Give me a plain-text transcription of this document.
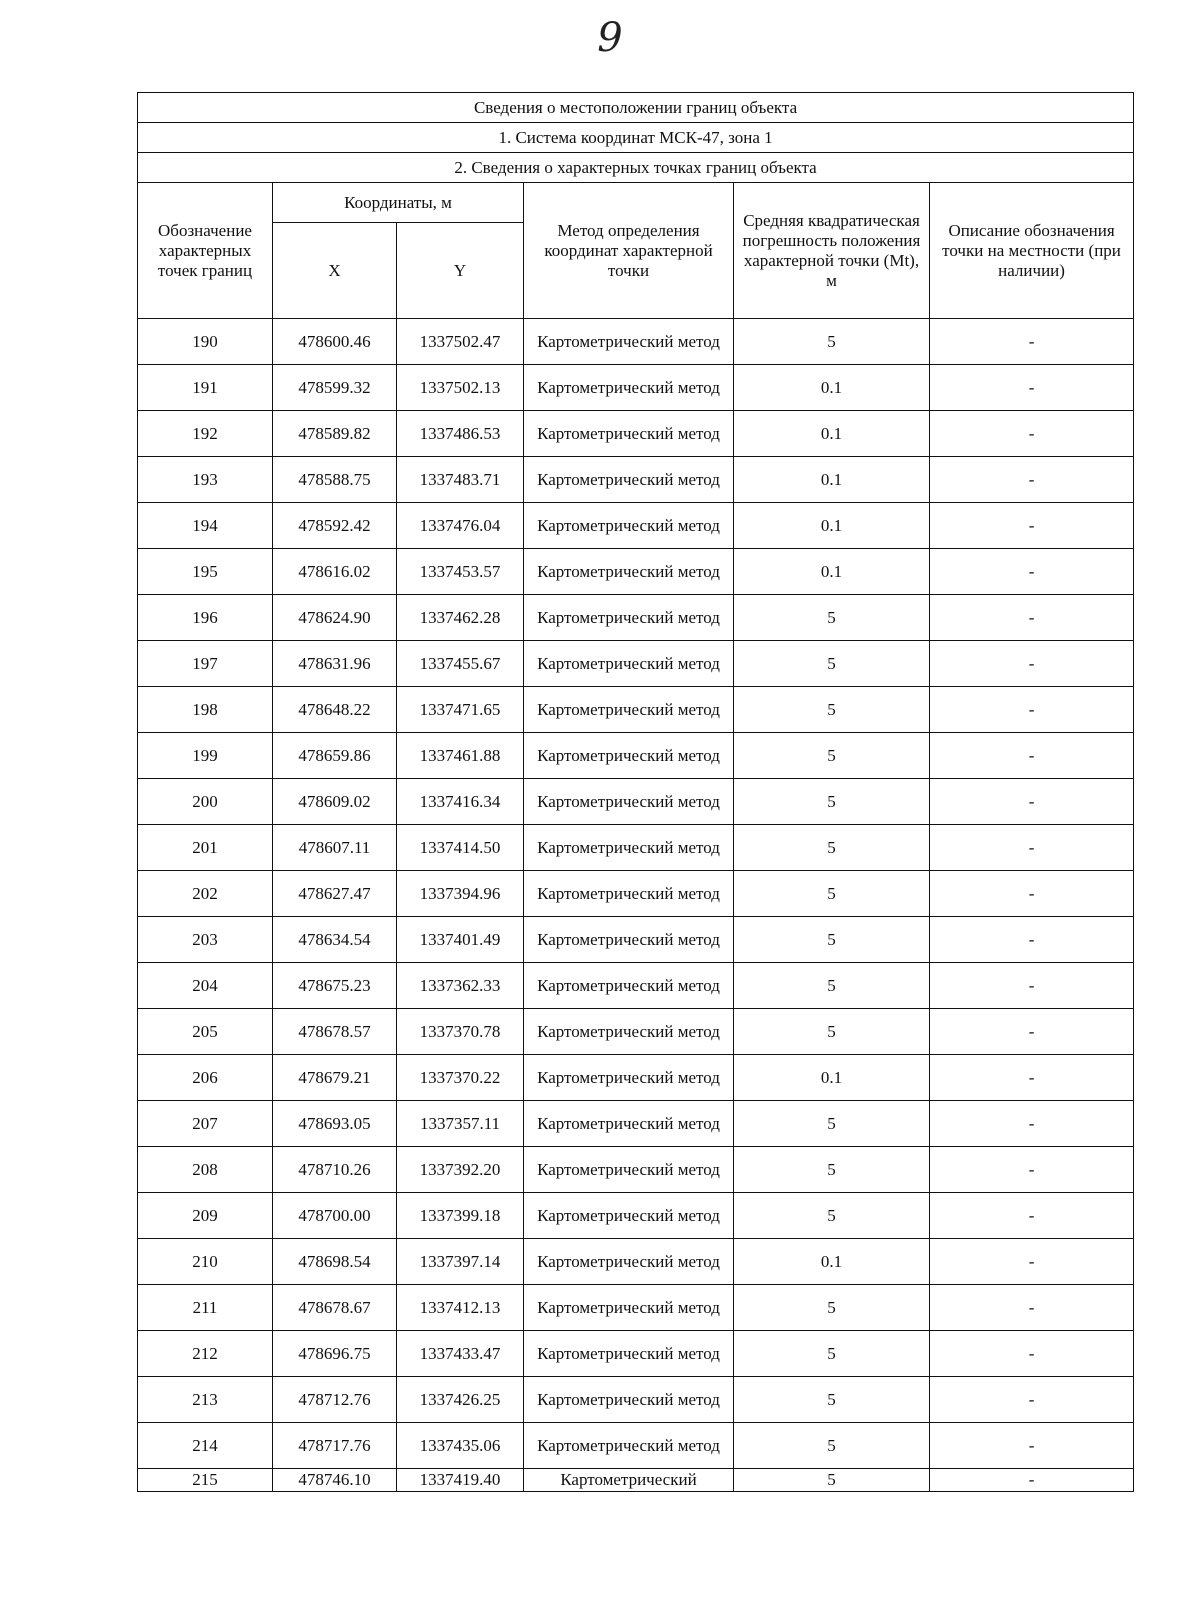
9
Сведения о местоположении границ объекта					
1. Система координат МСК-47, зона 1					
2. Сведения о характерных точках границ объекта					
Обозначение характерных точек границ	Координаты, м		Метод определения координат характерной точки	Средняя квадратическая погрешность положения характерной точки (Mt), м	Описание обозначения точки на местности (при наличии)
	X	Y			
190	478600.46	1337502.47	Картометрический метод	5	-
191	478599.32	1337502.13	Картометрический метод	0.1	-
192	478589.82	1337486.53	Картометрический метод	0.1	-
193	478588.75	1337483.71	Картометрический метод	0.1	-
194	478592.42	1337476.04	Картометрический метод	0.1	-
195	478616.02	1337453.57	Картометрический метод	0.1	-
196	478624.90	1337462.28	Картометрический метод	5	-
197	478631.96	1337455.67	Картометрический метод	5	-
198	478648.22	1337471.65	Картометрический метод	5	-
199	478659.86	1337461.88	Картометрический метод	5	-
200	478609.02	1337416.34	Картометрический метод	5	-
201	478607.11	1337414.50	Картометрический метод	5	-
202	478627.47	1337394.96	Картометрический метод	5	-
203	478634.54	1337401.49	Картометрический метод	5	-
204	478675.23	1337362.33	Картометрический метод	5	-
205	478678.57	1337370.78	Картометрический метод	5	-
206	478679.21	1337370.22	Картометрический метод	0.1	-
207	478693.05	1337357.11	Картометрический метод	5	-
208	478710.26	1337392.20	Картометрический метод	5	-
209	478700.00	1337399.18	Картометрический метод	5	-
210	478698.54	1337397.14	Картометрический метод	0.1	-
211	478678.67	1337412.13	Картометрический метод	5	-
212	478696.75	1337433.47	Картометрический метод	5	-
213	478712.76	1337426.25	Картометрический метод	5	-
214	478717.76	1337435.06	Картометрический метод	5	-
215	478746.10	1337419.40	Картометрический	5	-
